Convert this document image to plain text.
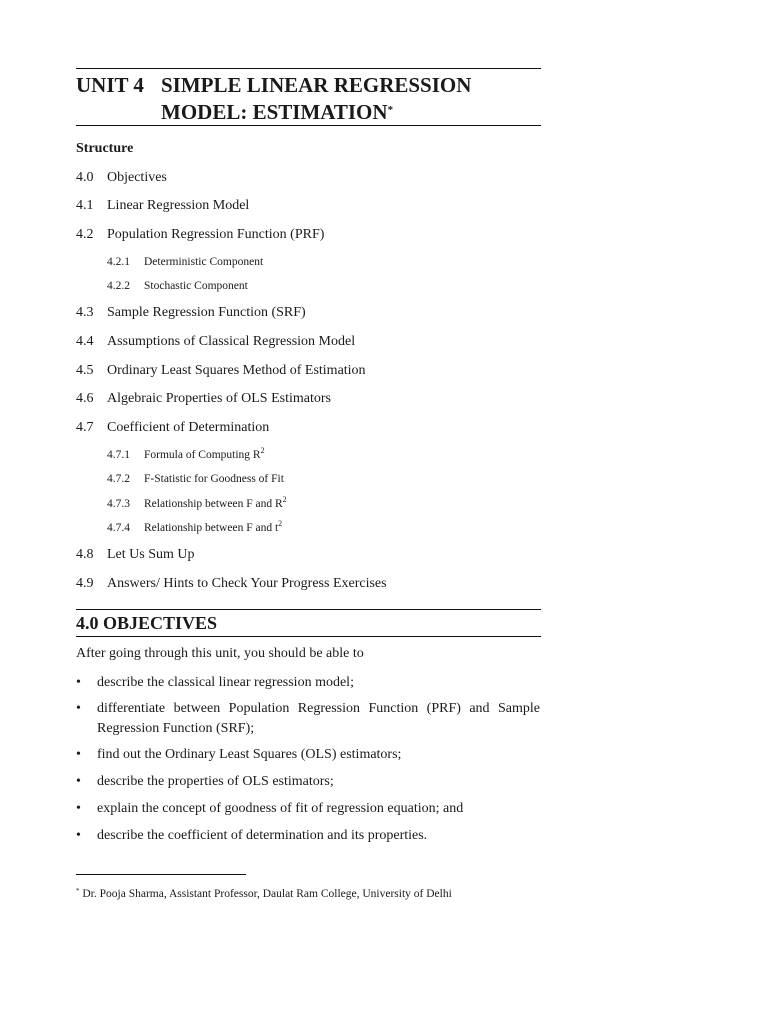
UNIT 4 SIMPLE LINEAR REGRESSION
MODEL: ESTIMATION*
Structure
4.0 Objectives
4.1 Linear Regression Model
4.2 Population Regression Function (PRF)
4.2.1 Deterministic Component
4.2.2 Stochastic Component
4.3 Sample Regression Function (SRF)
4.4 Assumptions of Classical Regression Model
4.5 Ordinary Least Squares Method of Estimation
4.6 Algebraic Properties of OLS Estimators
4.7 Coefficient of Determination
4.7.1 Formula of Computing $R^2$
4.7.2 F-Statistic for Goodness of Fit
4.7.3 Relationship between F and $R^2$
4.7.4 Relationship between F and $t^2$
4.8 Let Us Sum Up
4.9 Answers/ Hints to Check Your Progress Exercises
4.0 OBJECTIVES
After going through this unit, you should be able to
• describe the classical linear regression model;
• differentiate between Population Regression Function (PRF) and Sample Regression Function (SRF);
• find out the Ordinary Least Squares (OLS) estimators;
• describe the properties of OLS estimators;
• explain the concept of goodness of fit of regression equation; and
• describe the coefficient of determination and its properties.
* Dr. Pooja Sharma, Assistant Professor, Daulat Ram College, University of Delhi
